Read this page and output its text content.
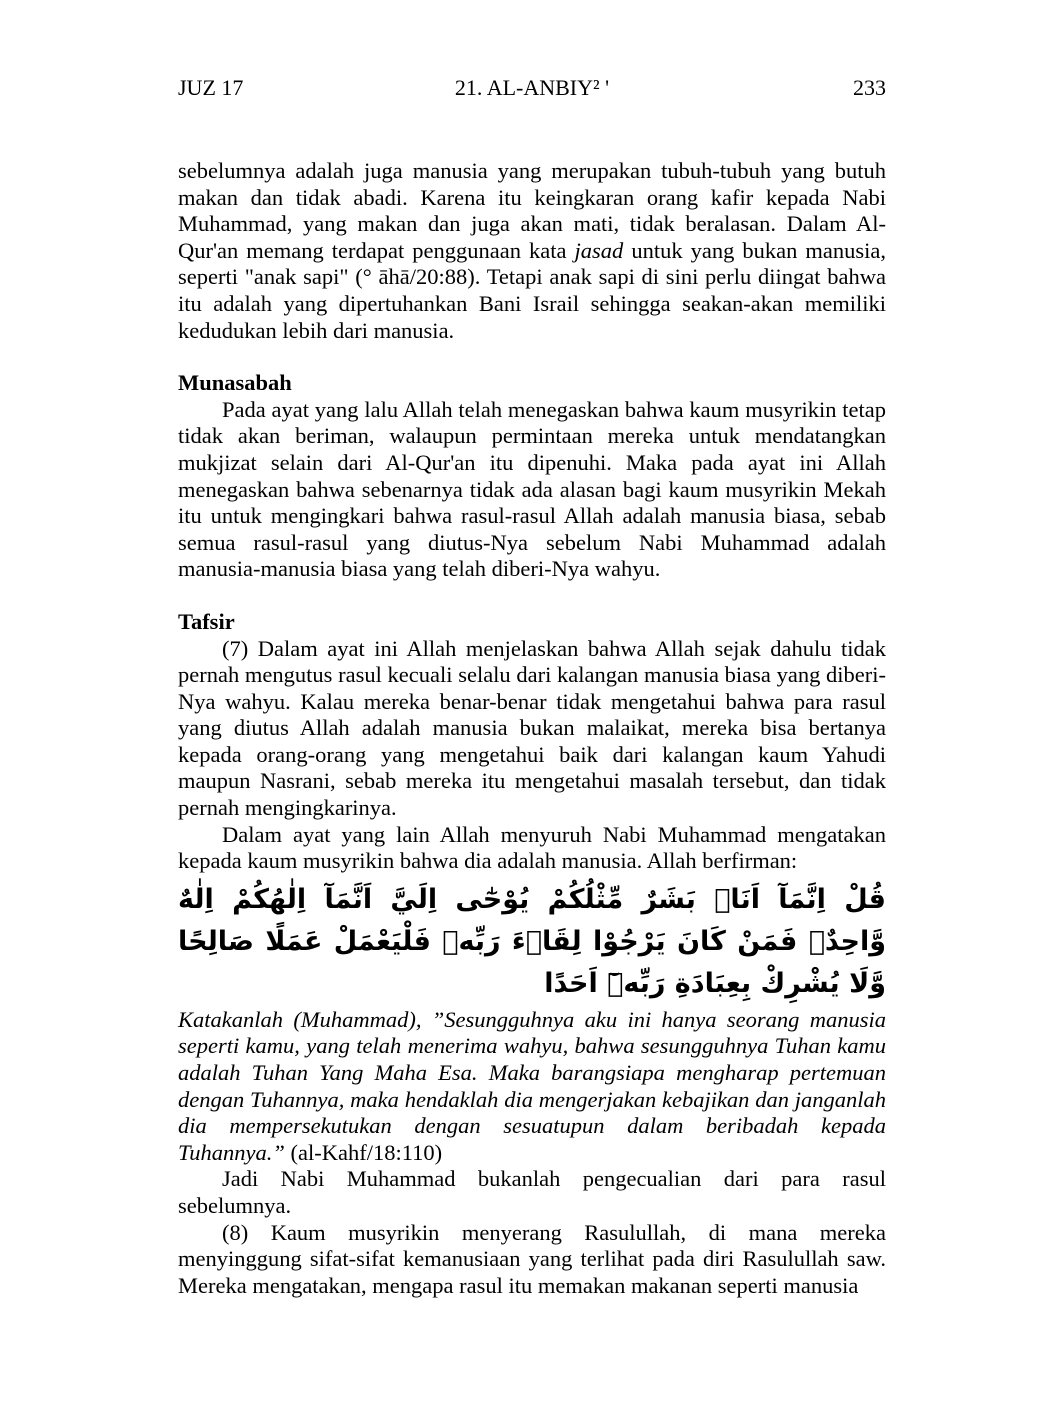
JUZ 17	21. AL-ANBIY² '	233

sebelumnya adalah juga manusia yang merupakan tubuh-tubuh yang butuh makan dan tidak abadi. Karena itu keingkaran orang kafir kepada Nabi Muhammad, yang makan dan juga akan mati, tidak beralasan. Dalam Al-Qur'an memang terdapat penggunaan kata jasad untuk yang bukan manusia, seperti "anak sapi" (° āhā/20:88). Tetapi anak sapi di sini perlu diingat bahwa itu adalah yang dipertuhankan Bani Israil sehingga seakan-akan memiliki kedudukan lebih dari manusia.

Munasabah

Pada ayat yang lalu Allah telah menegaskan bahwa kaum musyrikin tetap tidak akan beriman, walaupun permintaan mereka untuk mendatangkan mukjizat selain dari Al-Qur'an itu dipenuhi. Maka pada ayat ini Allah menegaskan bahwa sebenarnya tidak ada alasan bagi kaum musyrikin Mekah itu untuk mengingkari bahwa rasul-rasul Allah adalah manusia biasa, sebab semua rasul-rasul yang diutus-Nya sebelum Nabi Muhammad adalah manusia-manusia biasa yang telah diberi-Nya wahyu.

Tafsir

(7) Dalam ayat ini Allah menjelaskan bahwa Allah sejak dahulu tidak pernah mengutus rasul kecuali selalu dari kalangan manusia biasa yang diberi-Nya wahyu. Kalau mereka benar-benar tidak mengetahui bahwa para rasul yang diutus Allah adalah manusia bukan malaikat, mereka bisa bertanya kepada orang-orang yang mengetahui baik dari kalangan kaum Yahudi maupun Nasrani, sebab mereka itu mengetahui masalah tersebut, dan tidak pernah mengingkarinya.

Dalam ayat yang lain Allah menyuruh Nabi Muhammad mengatakan kepada kaum musyrikin bahwa dia adalah manusia. Allah berfirman:

قُلْ اِنَّمَآ اَنَا۠ بَشَرٌ مِّثْلُكُمْ يُوْحٰٓى اِلَيَّ اَنَّمَآ اِلٰهُكُمْ اِلٰهٌ وَّاحِدٌۚ فَمَنْ كَانَ يَرْجُوْا لِقَاۤءَ رَبِّهٖ فَلْيَعْمَلْ عَمَلًا صَالِحًا وَّلَا يُشْرِكْ بِعِبَادَةِ رَبِّهٖٓ اَحَدًا

Katakanlah (Muhammad), ”Sesungguhnya aku ini hanya seorang manusia seperti kamu, yang telah menerima wahyu, bahwa sesungguhnya Tuhan kamu adalah Tuhan Yang Maha Esa. Maka barangsiapa mengharap pertemuan dengan Tuhannya, maka hendaklah dia mengerjakan kebajikan dan janganlah dia mempersekutukan dengan sesuatupun dalam beribadah kepada Tuhannya.” (al-Kahf/18:110)

Jadi Nabi Muhammad bukanlah pengecualian dari para rasul sebelumnya.

(8) Kaum musyrikin menyerang Rasulullah, di mana mereka menyinggung sifat-sifat kemanusiaan yang terlihat pada diri Rasulullah saw. Mereka mengatakan, mengapa rasul itu memakan makanan seperti manusia
